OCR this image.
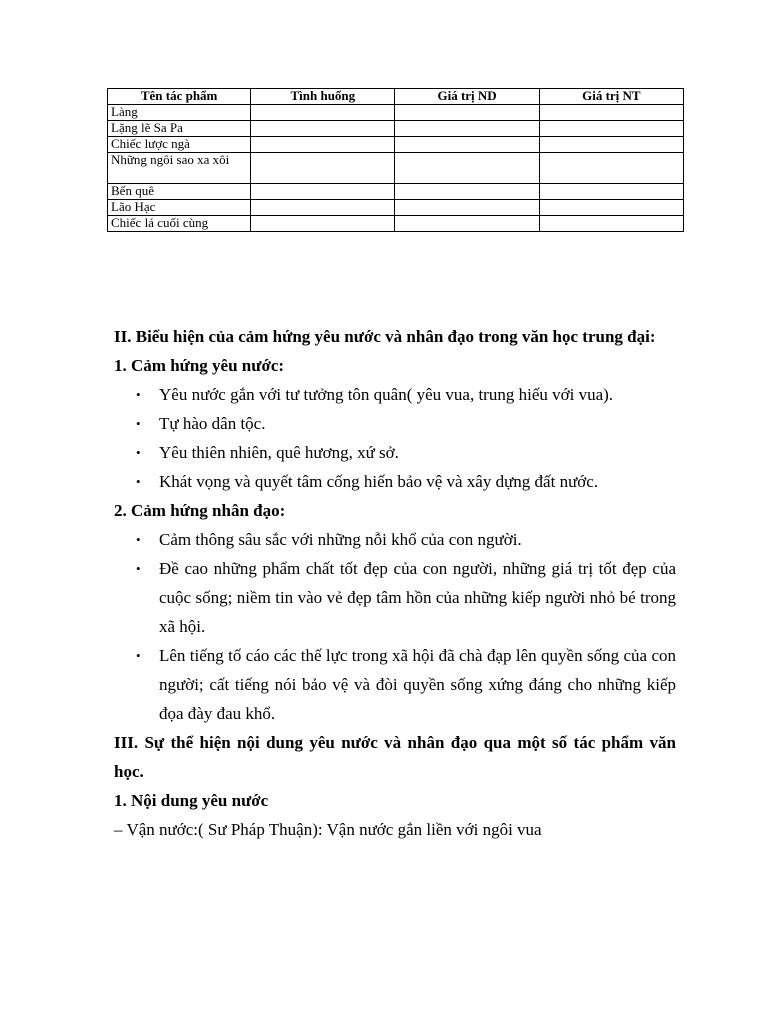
Tên tác phẩm	Tình huống	Giá trị ND	Giá trị NT
Làng			
Lặng lẽ Sa Pa			
Chiếc lược ngà			
Những ngôi sao xa xôi			
Bến quê			
Lão Hạc			
Chiếc lá cuối cùng			

II. Biểu hiện của cảm hứng yêu nước và nhân đạo trong văn học trung đại:

1. Cảm hứng yêu nước:

• Yêu nước gắn với tư tưởng tôn quân( yêu vua, trung hiếu với vua).
• Tự hào dân tộc.
• Yêu thiên nhiên, quê hương, xứ sở.
• Khát vọng và quyết tâm cống hiến bảo vệ và xây dựng đất nước.

2. Cảm hứng nhân đạo:

• Cảm thông sâu sắc với những nỗi khổ của con người.
• Đề cao những phẩm chất tốt đẹp của con người, những giá trị tốt đẹp của cuộc sống; niềm tin vào vẻ đẹp tâm hồn của những kiếp người nhỏ bé trong xã hội.
• Lên tiếng tố cáo các thế lực trong xã hội đã chà đạp lên quyền sống của con người; cất tiếng nói bảo vệ và đòi quyền sống xứng đáng cho những kiếp đọa đày đau khổ.

III. Sự thể hiện nội dung yêu nước và nhân đạo qua một số tác phẩm văn học.

1. Nội dung yêu nước

– Vận nước:( Sư Pháp Thuận): Vận nước gắn liền với ngôi vua
